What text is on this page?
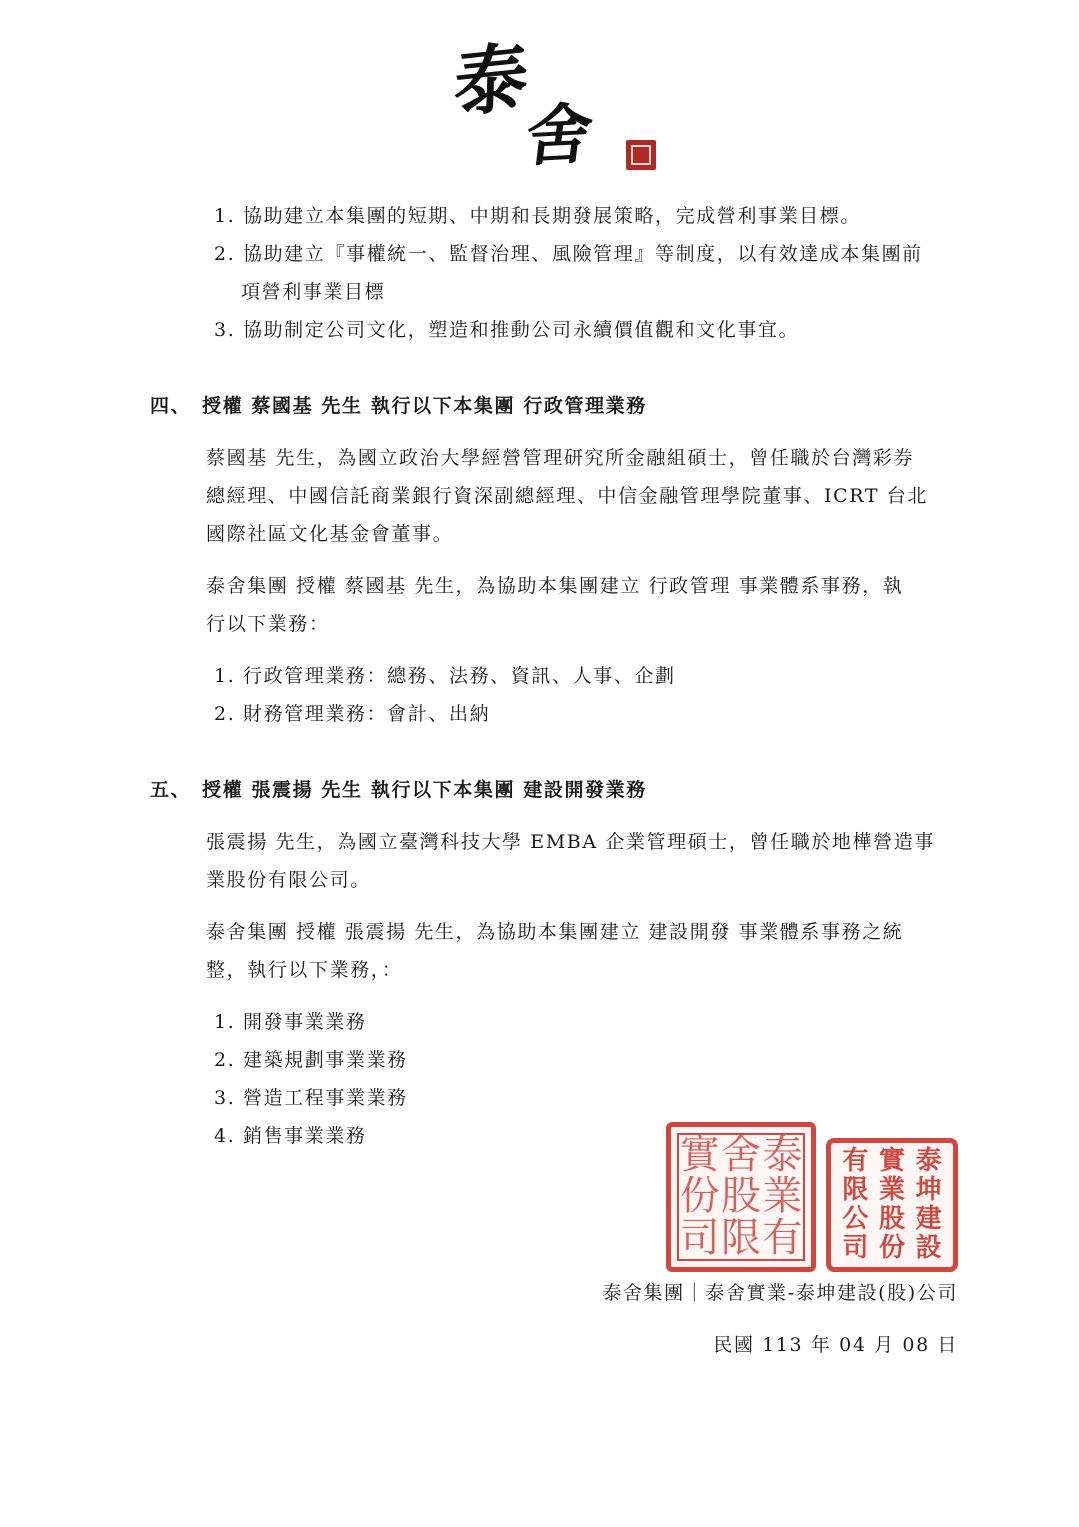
泰
舍
1. 協助建立本集團的短期、中期和長期發展策略，完成營利事業目標。
2. 協助建立『事權統一、監督治理、風險管理』等制度，以有效達成本集團前
項營利事業目標
3. 協助制定公司文化，塑造和推動公司永續價值觀和文化事宜。
四、 授權 蔡國基 先生 執行以下本集團 行政管理業務
蔡國基 先生，為國立政治大學經營管理研究所金融組碩士，曾任職於台灣彩券
總經理、中國信託商業銀行資深副總經理、中信金融管理學院董事、ICRT 台北
國際社區文化基金會董事。
泰舍集團 授權 蔡國基 先生，為協助本集團建立 行政管理 事業體系事務，執
行以下業務：
1. 行政管理業務：總務、法務、資訊、人事、企劃
2. 財務管理業務：會計、出納
五、 授權 張震揚 先生 執行以下本集團 建設開發業務
張震揚 先生，為國立臺灣科技大學 EMBA 企業管理碩士，曾任職於地樺營造事
業股份有限公司。
泰舍集團 授權 張震揚 先生，為協助本集團建立 建設開發 事業體系事務之統
整，執行以下業務，：
1. 開發事業業務
2. 建築規劃事業業務
3. 營造工程事業業務
4. 銷售事業業務	實 舍 泰
份 股 業
司 限 有
泰
坤
建
設
實
業
股
份
有
限
公
司
泰舍集團｜泰舍實業-泰坤建設(股)公司
民國 113 年 04 月 08 日
